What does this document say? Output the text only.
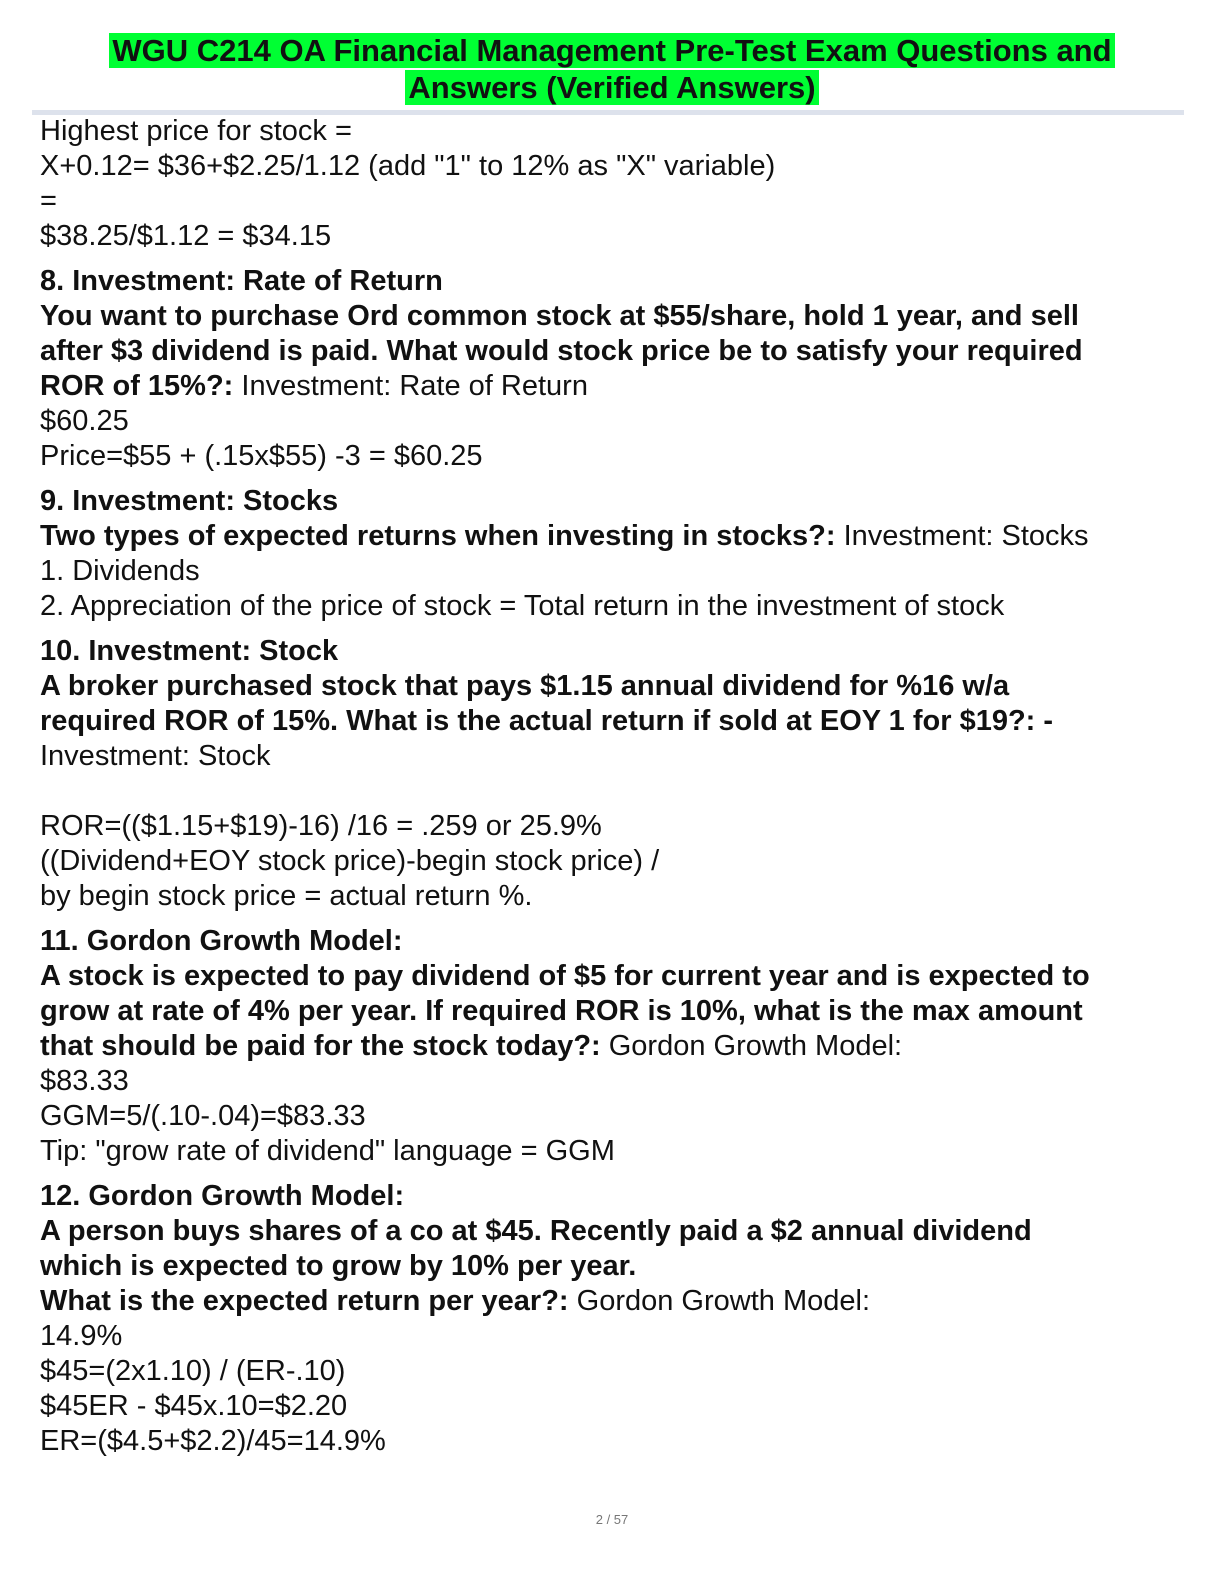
WGU C214 OA Financial Management Pre-Test Exam Questions and
Answers (Verified Answers)

Highest price for stock =

X+0.12= $36+$2.25/1.12 (add "1" to 12% as "X" variable)

=

$38.25/$1.12 = $34.15

8. Investment: Rate of Return

You want to purchase Ord common stock at $55/share, hold 1 year, and sell

after $3 dividend is paid. What would stock price be to satisfy your required

ROR of 15%?: Investment: Rate of Return

$60.25

Price=$55 + (.15x$55) -3 = $60.25

9. Investment: Stocks

Two types of expected returns when investing in stocks?: Investment: Stocks

1. Dividends

2. Appreciation of the price of stock = Total return in the investment of stock

10. Investment: Stock

A broker purchased stock that pays $1.15 annual dividend for %16 w/a

required ROR of 15%. What is the actual return if sold at EOY 1 for $19?: -

Investment: Stock

ROR=(($1.15+$19)-16) /16 = .259 or 25.9%

((Dividend+EOY stock price)-begin stock price) /

by begin stock price = actual return %.

11. Gordon Growth Model:

A stock is expected to pay dividend of $5 for current year and is expected to

grow at rate of 4% per year. If required ROR is 10%, what is the max amount

that should be paid for the stock today?: Gordon Growth Model:

$83.33

GGM=5/(.10-.04)=$83.33

Tip: "grow rate of dividend" language = GGM

12. Gordon Growth Model:

A person buys shares of a co at $45. Recently paid a $2 annual dividend

which is expected to grow by 10% per year.

What is the expected return per year?: Gordon Growth Model:

14.9%

$45=(2x1.10) / (ER-.10)

$45ER - $45x.10=$2.20

ER=($4.5+$2.2)/45=14.9%

2 / 57
